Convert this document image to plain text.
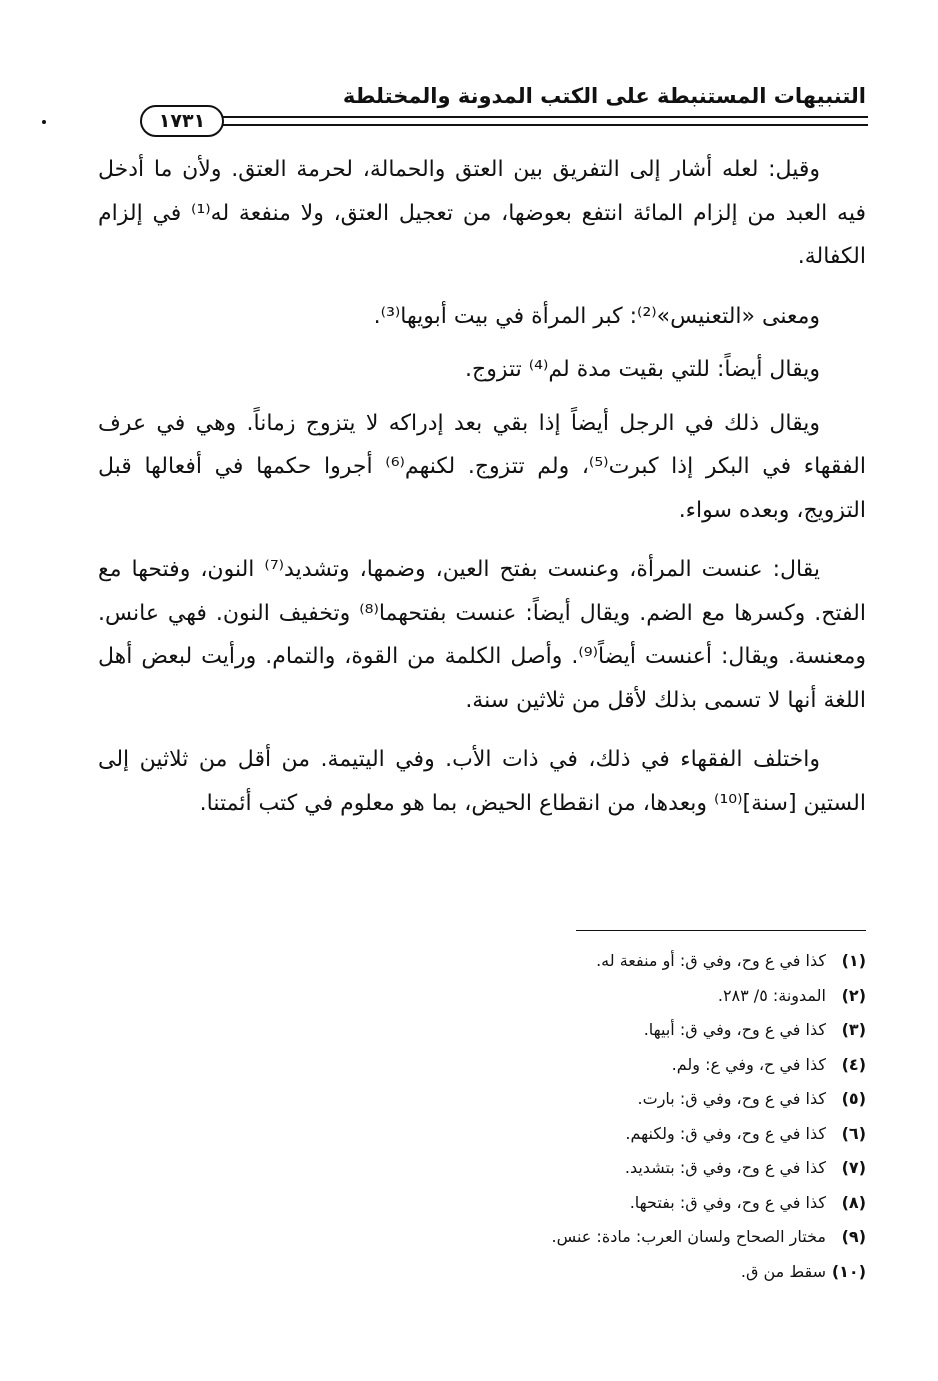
التنبيهات المستنبطة على الكتب المدونة والمختلطة
١٧٣١

وقيل: لعله أشار إلى التفريق بين العتق والحمالة، لحرمة العتق. ولأن ما أدخل فيه العبد من إلزام المائة انتفع بعوضها، من تعجيل العتق، ولا منفعة له⁽¹⁾ في إلزام الكفالة.

ومعنى «التعنيس»⁽²⁾: كبر المرأة في بيت أبويها⁽³⁾.

ويقال أيضاً: للتي بقيت مدة لم⁽⁴⁾ تتزوج.

ويقال ذلك في الرجل أيضاً إذا بقي بعد إدراكه لا يتزوج زماناً. وهي في عرف الفقهاء في البكر إذا كبرت⁽⁵⁾، ولم تتزوج. لكنهم⁽⁶⁾ أجروا حكمها في أفعالها قبل التزويج، وبعده سواء.

يقال: عنست المرأة، وعنست بفتح العين، وضمها، وتشديد⁽⁷⁾ النون، وفتحها مع الفتح. وكسرها مع الضم. ويقال أيضاً: عنست بفتحهما⁽⁸⁾ وتخفيف النون. فهي عانس. ومعنسة. ويقال: أعنست أيضاً⁽⁹⁾. وأصل الكلمة من القوة، والتمام. ورأيت لبعض أهل اللغة أنها لا تسمى بذلك لأقل من ثلاثين سنة.

واختلف الفقهاء في ذلك، في ذات الأب. وفي اليتيمة. من أقل من ثلاثين إلى الستين [سنة]⁽¹⁰⁾ وبعدها، من انقطاع الحيض، بما هو معلوم في كتب أئمتنا.

(١)كذا في ع وح، وفي ق: أو منفعة له.
(٢)المدونة: ٥/ ٢٨٣.
(٣)كذا في ع وح، وفي ق: أبيها.
(٤)كذا في ح، وفي ع: ولم.
(٥)كذا في ع وح، وفي ق: بارت.
(٦)كذا في ع وح، وفي ق: ولكنهم.
(٧)كذا في ع وح، وفي ق: بتشديد.
(٨)كذا في ع وح، وفي ق: بفتحها.
(٩)مختار الصحاح ولسان العرب: مادة: عنس.
(١٠)سقط من ق.
